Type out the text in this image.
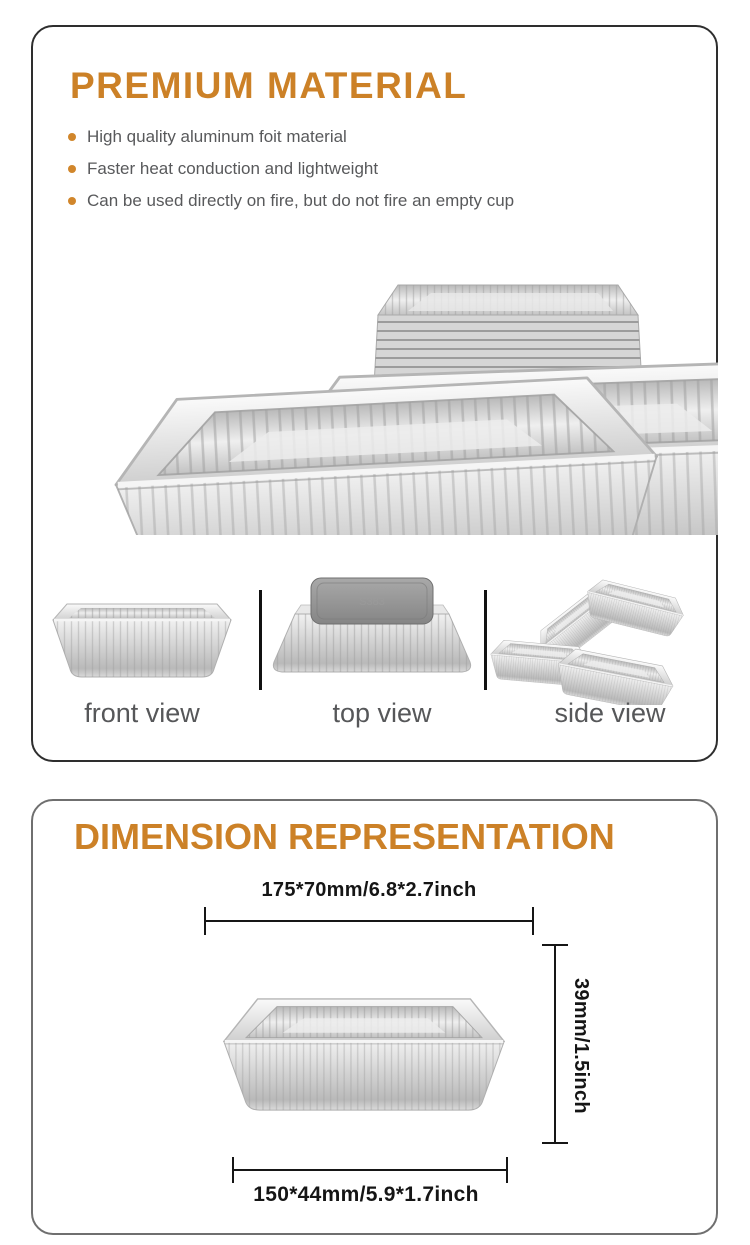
PREMIUM MATERIAL
High quality aluminum foit material
Faster heat conduction and lightweight
Can be used directly on fire, but do not fire an empty cup
S383
front view	top view	side view
DIMENSION REPRESENTATION
175*70mm/6.8*2.7inch
39mm/1.5inch
150*44mm/5.9*1.7inch
